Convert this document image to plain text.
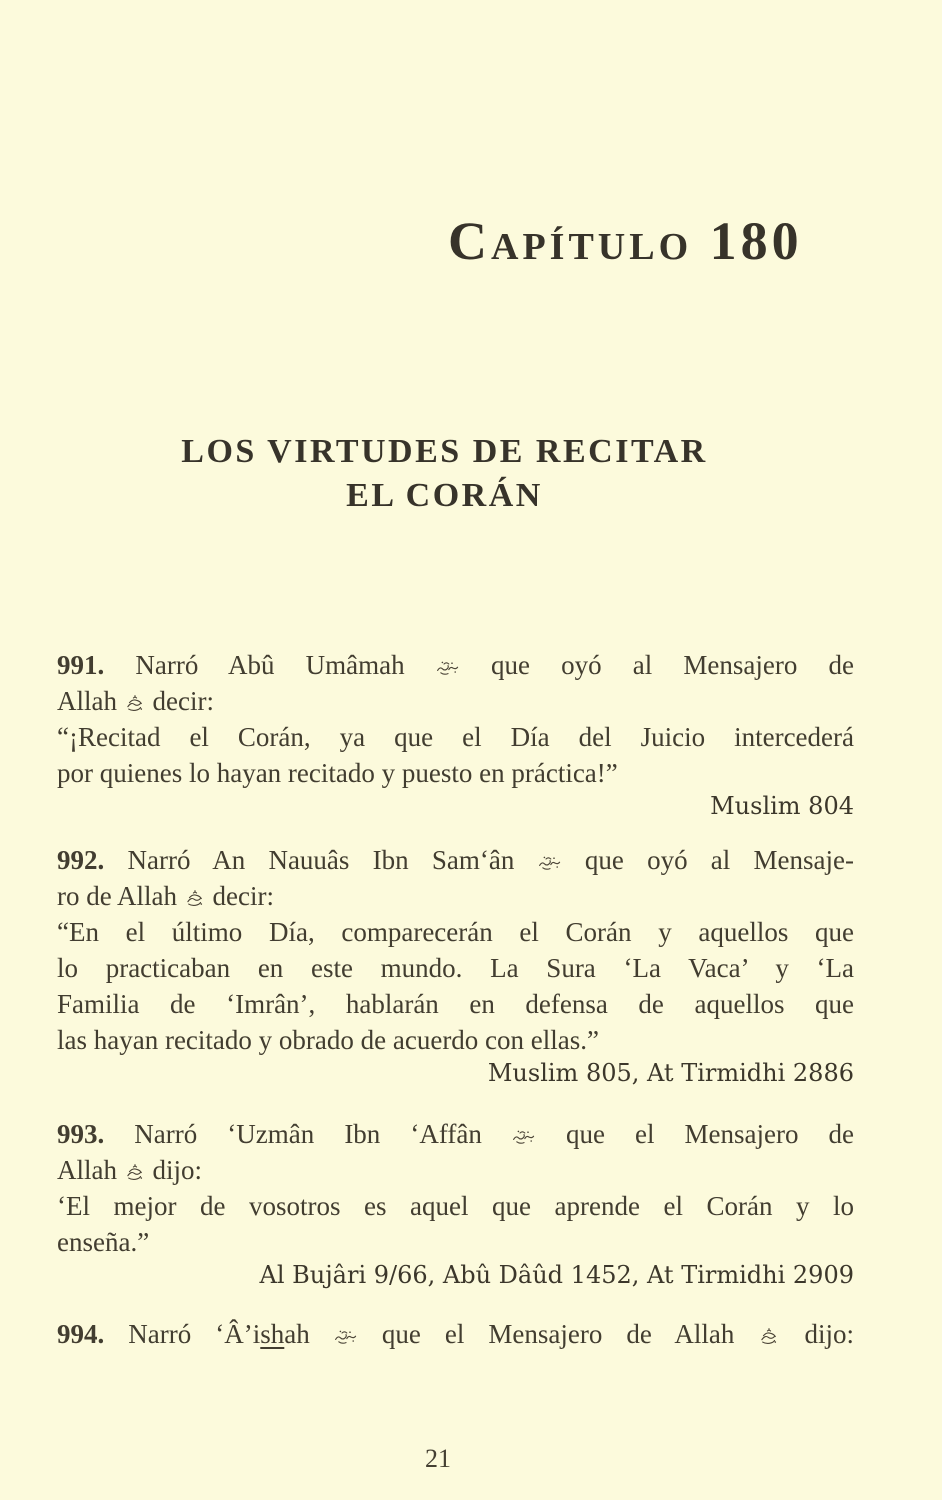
Capítulo 180
LOS VIRTUDES DE RECITAR
EL CORÁN
991. Narró Abû Umâmah  que oyó al Mensajero de
Allah  decir:
“¡Recitad el Corán, ya que el Día del Juicio intercederá
por quienes lo hayan recitado y puesto en práctica!”
Muslim 804
992. Narró An Nauuâs Ibn Sam‘ân  que oyó al Mensaje-
ro de Allah  decir:
“En el último Día, comparecerán el Corán y aquellos que
lo practicaban en este mundo. La Sura ‘La Vaca’ y ‘La
Familia de ‘Imrân’, hablarán en defensa de aquellos que
las hayan recitado y obrado de acuerdo con ellas.”
Muslim 805, At Tirmidhi 2886
993. Narró ‘Uzmân Ibn ‘Affân  que el Mensajero de
Allah  dijo:
‘El mejor de vosotros es aquel que aprende el Corán y lo
enseña.”
Al Bujâri 9/66, Abû Dâûd 1452, At Tirmidhi 2909
994. Narró ‘Â’ishah  que el Mensajero de Allah  dijo:
21
